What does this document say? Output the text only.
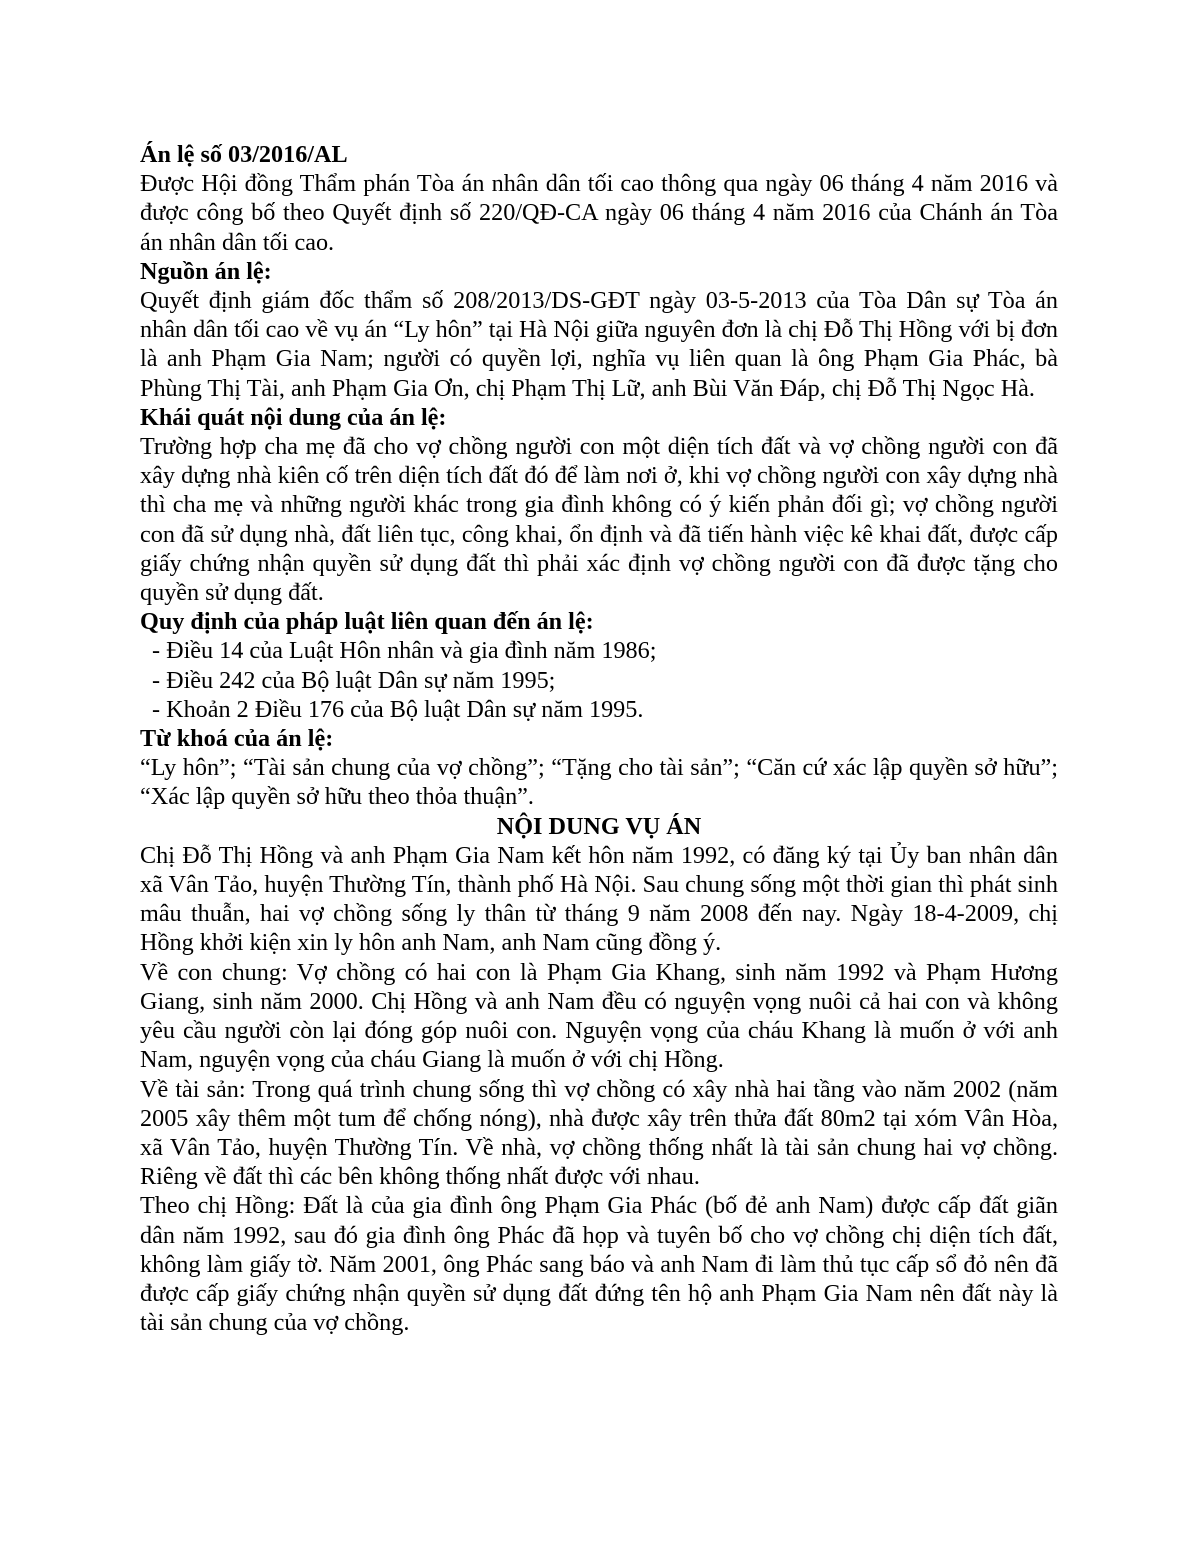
Án lệ số 03/2016/AL

Được Hội đồng Thẩm phán Tòa án nhân dân tối cao thông qua ngày 06 tháng 4 năm 2016 và được công bố theo Quyết định số 220/QĐ-CA ngày 06 tháng 4 năm 2016 của Chánh án Tòa án nhân dân tối cao.

Nguồn án lệ:

Quyết định giám đốc thẩm số 208/2013/DS-GĐT ngày 03-5-2013 của Tòa Dân sự Tòa án nhân dân tối cao về vụ án “Ly hôn” tại Hà Nội giữa nguyên đơn là chị Đỗ Thị Hồng với bị đơn là anh Phạm Gia Nam; người có quyền lợi, nghĩa vụ liên quan là ông Phạm Gia Phác, bà Phùng Thị Tài, anh Phạm Gia Ơn, chị Phạm Thị Lữ, anh Bùi Văn Đáp, chị Đỗ Thị Ngọc Hà.

Khái quát nội dung của án lệ:

Trường hợp cha mẹ đã cho vợ chồng người con một diện tích đất và vợ chồng người con đã xây dựng nhà kiên cố trên diện tích đất đó để làm nơi ở, khi vợ chồng người con xây dựng nhà thì cha mẹ và những người khác trong gia đình không có ý kiến phản đối gì; vợ chồng người con đã sử dụng nhà, đất liên tục, công khai, ổn định và đã tiến hành việc kê khai đất, được cấp giấy chứng nhận quyền sử dụng đất thì phải xác định vợ chồng người con đã được tặng cho quyền sử dụng đất.

Quy định của pháp luật liên quan đến án lệ:

- Điều 14 của Luật Hôn nhân và gia đình năm 1986;
- Điều 242 của Bộ luật Dân sự năm 1995;
- Khoản 2 Điều 176 của Bộ luật Dân sự năm 1995.

Từ khoá của án lệ:

“Ly hôn”; “Tài sản chung của vợ chồng”; “Tặng cho tài sản”; “Căn cứ xác lập quyền sở hữu”; “Xác lập quyền sở hữu theo thỏa thuận”.

NỘI DUNG VỤ ÁN

Chị Đỗ Thị Hồng và anh Phạm Gia Nam kết hôn năm 1992, có đăng ký tại Ủy ban nhân dân xã Vân Tảo, huyện Thường Tín, thành phố Hà Nội. Sau chung sống một thời gian thì phát sinh mâu thuẫn, hai vợ chồng sống ly thân từ tháng 9 năm 2008 đến nay. Ngày 18-4-2009, chị Hồng khởi kiện xin ly hôn anh Nam, anh Nam cũng đồng ý.

Về con chung: Vợ chồng có hai con là Phạm Gia Khang, sinh năm 1992 và Phạm Hương Giang, sinh năm 2000. Chị Hồng và anh Nam đều có nguyện vọng nuôi cả hai con và không yêu cầu người còn lại đóng góp nuôi con. Nguyện vọng của cháu Khang là muốn ở với anh Nam, nguyện vọng của cháu Giang là muốn ở với chị Hồng.

Về tài sản: Trong quá trình chung sống thì vợ chồng có xây nhà hai tầng vào năm 2002 (năm 2005 xây thêm một tum để chống nóng), nhà được xây trên thửa đất 80m2 tại xóm Vân Hòa, xã Vân Tảo, huyện Thường Tín. Về nhà, vợ chồng thống nhất là tài sản chung hai vợ chồng. Riêng về đất thì các bên không thống nhất được với nhau.

Theo chị Hồng: Đất là của gia đình ông Phạm Gia Phác (bố đẻ anh Nam) được cấp đất giãn dân năm 1992, sau đó gia đình ông Phác đã họp và tuyên bố cho vợ chồng chị diện tích đất, không làm giấy tờ. Năm 2001, ông Phác sang báo và anh Nam đi làm thủ tục cấp sổ đỏ nên đã được cấp giấy chứng nhận quyền sử dụng đất đứng tên hộ anh Phạm Gia Nam nên đất này là tài sản chung của vợ chồng.
